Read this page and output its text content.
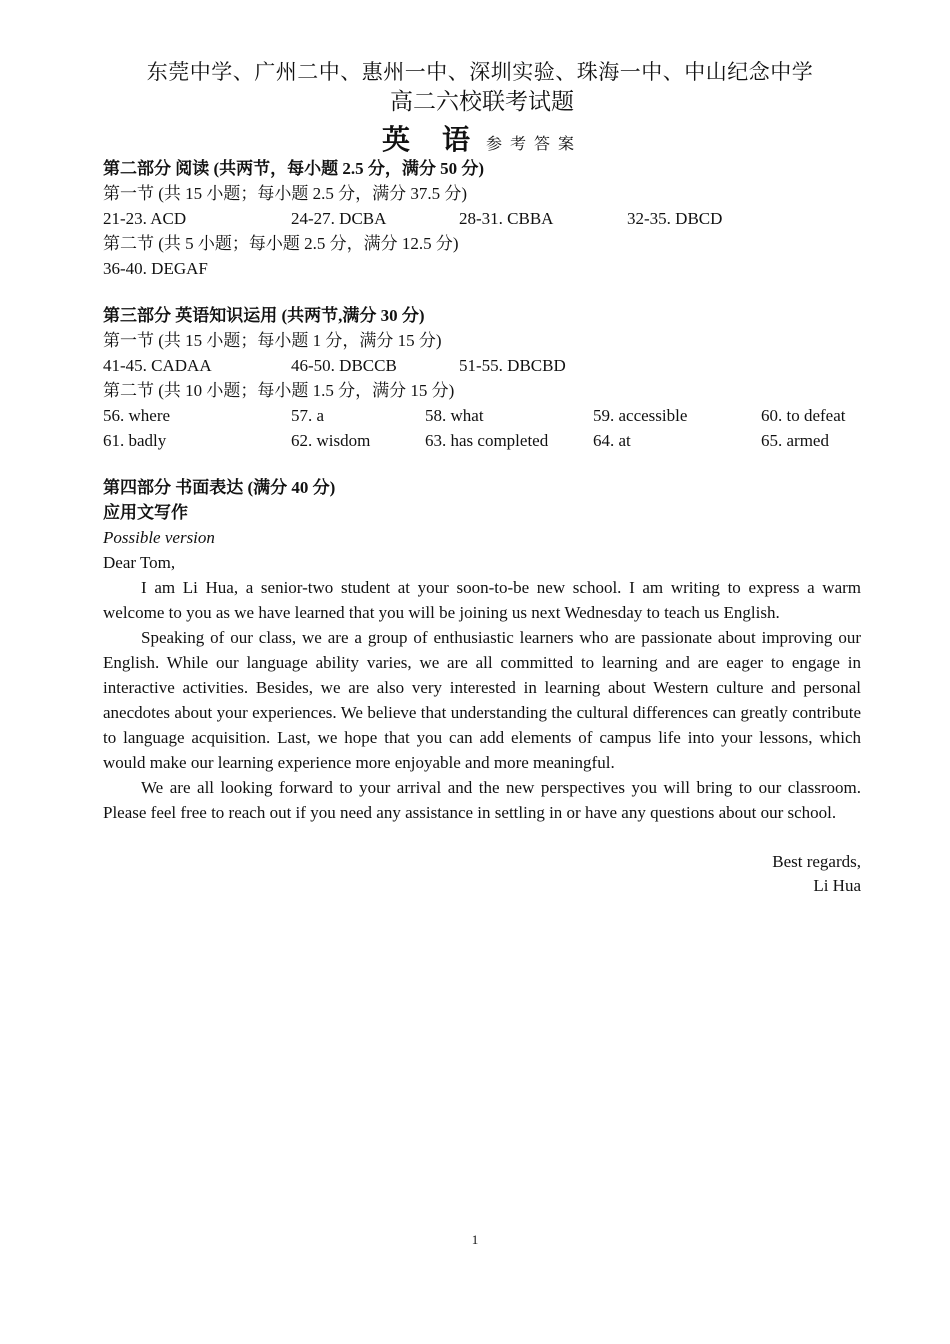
东莞中学、广州二中、惠州一中、深圳实验、珠海一中、中山纪念中学
高二六校联考试题
英　语 参考答案
第二部分 阅读 (共两节，每小题 2.5 分，满分 50 分)
第一节 (共 15 小题；每小题 2.5 分，满分 37.5 分)
21-23. ACD	24-27. DCBA	28-31. CBBA	32-35. DBCD
第二节 (共 5 小题；每小题 2.5 分，满分 12.5 分)
36-40. DEGAF
第三部分 英语知识运用 (共两节,满分 30 分)
第一节 (共 15 小题；每小题 1 分，满分 15 分)
41-45. CADAA	46-50. DBCCB	51-55. DBCBD
第二节 (共 10 小题；每小题 1.5 分，满分 15 分)
56. where	57. a	58. what	59. accessible	60. to defeat
61. badly	62. wisdom	63. has completed	64. at	65. armed
第四部分 书面表达 (满分 40 分)
应用文写作
Possible version
Dear Tom,
I am Li Hua, a senior-two student at your soon-to-be new school. I am writing to express a warm welcome to you as we have learned that you will be joining us next Wednesday to teach us English.
Speaking of our class, we are a group of enthusiastic learners who are passionate about improving our English. While our language ability varies, we are all committed to learning and are eager to engage in interactive activities. Besides, we are also very interested in learning about Western culture and personal anecdotes about your experiences. We believe that understanding the cultural differences can greatly contribute to language acquisition. Last, we hope that you can add elements of campus life into your lessons, which would make our learning experience more enjoyable and more meaningful.
We are all looking forward to your arrival and the new perspectives you will bring to our classroom. Please feel free to reach out if you need any assistance in settling in or have any questions about our school.
Best regards,
Li Hua
1
